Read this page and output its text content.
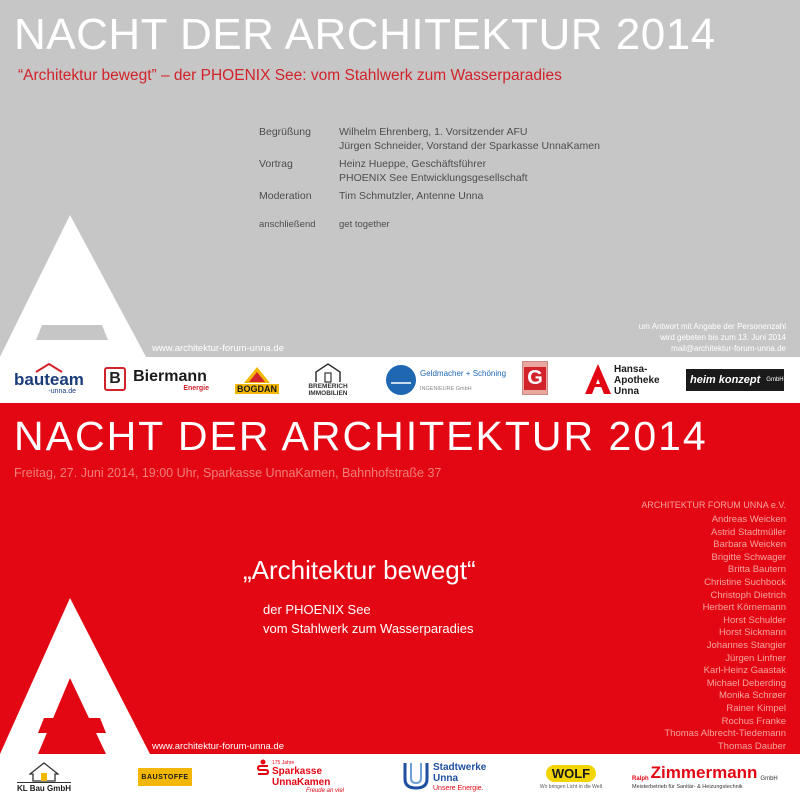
NACHT DER ARCHITEKTUR 2014
“Architektur bewegt” – der PHOENIX See: vom Stahlwerk zum Wasserparadies
Begrüßung	Wilhelm Ehrenberg, 1. Vorsitzender AFU
Jürgen Schneider, Vorstand der Sparkasse UnnaKamen
Vortrag	Heinz Hueppe, Geschäftsführer
PHOENIX See Entwicklungsgesellschaft
Moderation	Tim Schmutzler, Antenne Unna
anschließend	get together
um Antwort mit Angabe der Personenzahl
wird gebeten bis zum 13. Juni 2014
mail@architektur-forum-unna.de
www.architektur-forum-unna.de
bauteam
-unna.de
B Biermann
Energie	BOGDAN	BREMERICH
IMMOBILIEN
Geldmacher + Schöning
INGENIEURE GmbH	G	Hansa-
Apotheke
Unna
heim konzept GmbH
NACHT DER ARCHITEKTUR 2014
Freitag, 27. Juni 2014, 19:00 Uhr, Sparkasse UnnaKamen, Bahnhofstraße 37
„Architektur bewegt“
der PHOENIX See
vom Stahlwerk zum Wasserparadies
ARCHITEKTUR FORUM UNNA e.V.
Andreas Weicken
Astrid Stadtmüller
Barbara Weicken
Brigitte Schwager
Britta Bautern
Christine Suchbock
Christoph Dietrich
Herbert Körnemann
Horst Schulder
Horst Sickmann
Johannes Stangier
Jürgen Linfner
Karl-Heinz Gaastak
Michael Deberding
Monika Schrøer
Rainer Kimpel
Rochus Franke
Thomas Albrecht-Tiedemann
Thomas Dauber
www.architektur-forum-unna.de
KL Bau GmbH
BAUSTOFFE
175 Jahre
Sparkasse
UnnaKamen
Freude an viel
Stadtwerke
Unna
Unsere Energie.
WOLF
Wir bringen Licht in die Welt
Ralph Zimmermann GmbH
Meisterbetrieb für Sanitär- & Heizungstechnik
